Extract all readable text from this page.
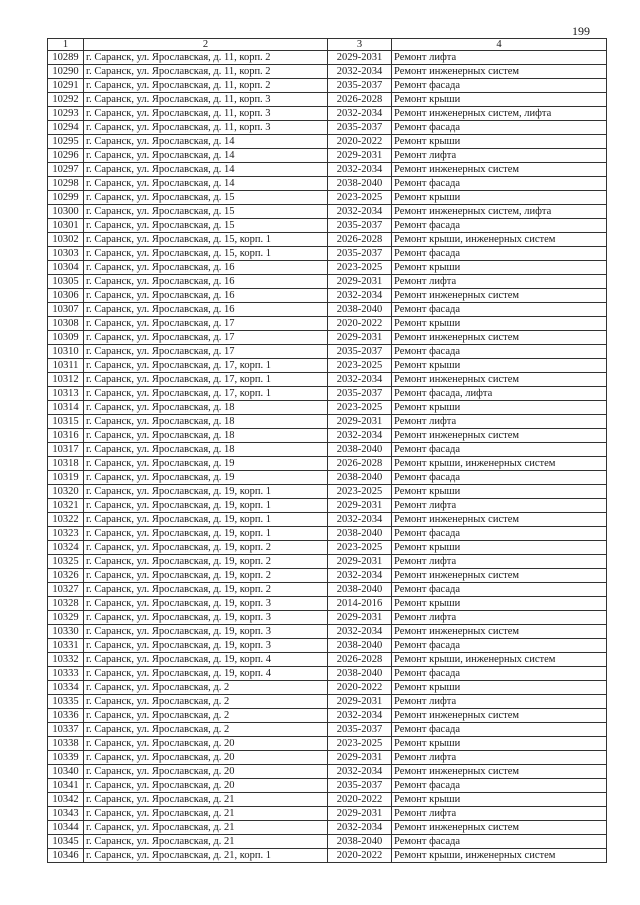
199
1	2	3	4
10289	г. Саранск, ул. Ярославская, д. 11, корп. 2	2029-2031	Ремонт лифта
10290	г. Саранск, ул. Ярославская, д. 11, корп. 2	2032-2034	Ремонт инженерных систем
10291	г. Саранск, ул. Ярославская, д. 11, корп. 2	2035-2037	Ремонт фасада
10292	г. Саранск, ул. Ярославская, д. 11, корп. 3	2026-2028	Ремонт крыши
10293	г. Саранск, ул. Ярославская, д. 11, корп. 3	2032-2034	Ремонт инженерных систем, лифта
10294	г. Саранск, ул. Ярославская, д. 11, корп. 3	2035-2037	Ремонт фасада
10295	г. Саранск, ул. Ярославская, д. 14	2020-2022	Ремонт крыши
10296	г. Саранск, ул. Ярославская, д. 14	2029-2031	Ремонт лифта
10297	г. Саранск, ул. Ярославская, д. 14	2032-2034	Ремонт инженерных систем
10298	г. Саранск, ул. Ярославская, д. 14	2038-2040	Ремонт фасада
10299	г. Саранск, ул. Ярославская, д. 15	2023-2025	Ремонт крыши
10300	г. Саранск, ул. Ярославская, д. 15	2032-2034	Ремонт инженерных систем, лифта
10301	г. Саранск, ул. Ярославская, д. 15	2035-2037	Ремонт фасада
10302	г. Саранск, ул. Ярославская, д. 15, корп. 1	2026-2028	Ремонт крыши, инженерных систем
10303	г. Саранск, ул. Ярославская, д. 15, корп. 1	2035-2037	Ремонт фасада
10304	г. Саранск, ул. Ярославская, д. 16	2023-2025	Ремонт крыши
10305	г. Саранск, ул. Ярославская, д. 16	2029-2031	Ремонт лифта
10306	г. Саранск, ул. Ярославская, д. 16	2032-2034	Ремонт инженерных систем
10307	г. Саранск, ул. Ярославская, д. 16	2038-2040	Ремонт фасада
10308	г. Саранск, ул. Ярославская, д. 17	2020-2022	Ремонт крыши
10309	г. Саранск, ул. Ярославская, д. 17	2029-2031	Ремонт инженерных систем
10310	г. Саранск, ул. Ярославская, д. 17	2035-2037	Ремонт фасада
10311	г. Саранск, ул. Ярославская, д. 17, корп. 1	2023-2025	Ремонт крыши
10312	г. Саранск, ул. Ярославская, д. 17, корп. 1	2032-2034	Ремонт инженерных систем
10313	г. Саранск, ул. Ярославская, д. 17, корп. 1	2035-2037	Ремонт фасада, лифта
10314	г. Саранск, ул. Ярославская, д. 18	2023-2025	Ремонт крыши
10315	г. Саранск, ул. Ярославская, д. 18	2029-2031	Ремонт лифта
10316	г. Саранск, ул. Ярославская, д. 18	2032-2034	Ремонт инженерных систем
10317	г. Саранск, ул. Ярославская, д. 18	2038-2040	Ремонт фасада
10318	г. Саранск, ул. Ярославская, д. 19	2026-2028	Ремонт крыши, инженерных систем
10319	г. Саранск, ул. Ярославская, д. 19	2038-2040	Ремонт фасада
10320	г. Саранск, ул. Ярославская, д. 19, корп. 1	2023-2025	Ремонт крыши
10321	г. Саранск, ул. Ярославская, д. 19, корп. 1	2029-2031	Ремонт лифта
10322	г. Саранск, ул. Ярославская, д. 19, корп. 1	2032-2034	Ремонт инженерных систем
10323	г. Саранск, ул. Ярославская, д. 19, корп. 1	2038-2040	Ремонт фасада
10324	г. Саранск, ул. Ярославская, д. 19, корп. 2	2023-2025	Ремонт крыши
10325	г. Саранск, ул. Ярославская, д. 19, корп. 2	2029-2031	Ремонт лифта
10326	г. Саранск, ул. Ярославская, д. 19, корп. 2	2032-2034	Ремонт инженерных систем
10327	г. Саранск, ул. Ярославская, д. 19, корп. 2	2038-2040	Ремонт фасада
10328	г. Саранск, ул. Ярославская, д. 19, корп. 3	2014-2016	Ремонт крыши
10329	г. Саранск, ул. Ярославская, д. 19, корп. 3	2029-2031	Ремонт лифта
10330	г. Саранск, ул. Ярославская, д. 19, корп. 3	2032-2034	Ремонт инженерных систем
10331	г. Саранск, ул. Ярославская, д. 19, корп. 3	2038-2040	Ремонт фасада
10332	г. Саранск, ул. Ярославская, д. 19, корп. 4	2026-2028	Ремонт крыши, инженерных систем
10333	г. Саранск, ул. Ярославская, д. 19, корп. 4	2038-2040	Ремонт фасада
10334	г. Саранск, ул. Ярославская, д. 2	2020-2022	Ремонт крыши
10335	г. Саранск, ул. Ярославская, д. 2	2029-2031	Ремонт лифта
10336	г. Саранск, ул. Ярославская, д. 2	2032-2034	Ремонт инженерных систем
10337	г. Саранск, ул. Ярославская, д. 2	2035-2037	Ремонт фасада
10338	г. Саранск, ул. Ярославская, д. 20	2023-2025	Ремонт крыши
10339	г. Саранск, ул. Ярославская, д. 20	2029-2031	Ремонт лифта
10340	г. Саранск, ул. Ярославская, д. 20	2032-2034	Ремонт инженерных систем
10341	г. Саранск, ул. Ярославская, д. 20	2035-2037	Ремонт фасада
10342	г. Саранск, ул. Ярославская, д. 21	2020-2022	Ремонт крыши
10343	г. Саранск, ул. Ярославская, д. 21	2029-2031	Ремонт лифта
10344	г. Саранск, ул. Ярославская, д. 21	2032-2034	Ремонт инженерных систем
10345	г. Саранск, ул. Ярославская, д. 21	2038-2040	Ремонт фасада
10346	г. Саранск, ул. Ярославская, д. 21, корп. 1	2020-2022	Ремонт крыши, инженерных систем
